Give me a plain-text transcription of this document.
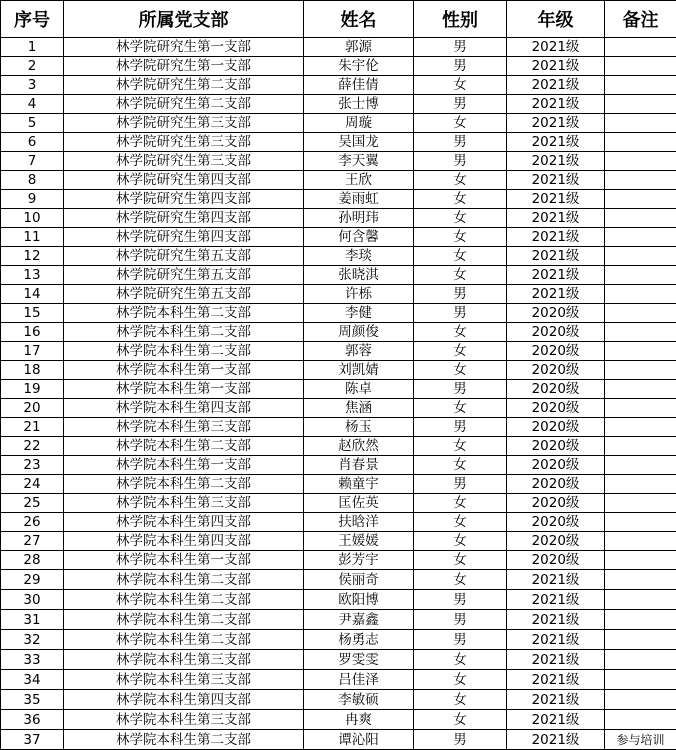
序号	所属党支部	姓名	性别	年级	备注
1	林学院研究生第一支部	郭源	男	2021级	
2	林学院研究生第一支部	朱宇伦	男	2021级	
3	林学院研究生第二支部	薛佳倩	女	2021级	
4	林学院研究生第二支部	张士博	男	2021级	
5	林学院研究生第三支部	周璇	女	2021级	
6	林学院研究生第三支部	吴国龙	男	2021级	
7	林学院研究生第三支部	李天翼	男	2021级	
8	林学院研究生第四支部	王欣	女	2021级	
9	林学院研究生第四支部	姜雨虹	女	2021级	
10	林学院研究生第四支部	孙明玮	女	2021级	
11	林学院研究生第四支部	何含馨	女	2021级	
12	林学院研究生第五支部	李琰	女	2021级	
13	林学院研究生第五支部	张晓淇	女	2021级	
14	林学院研究生第五支部	许栎	男	2021级	
15	林学院本科生第二支部	李健	男	2020级	
16	林学院本科生第二支部	周颜俊	女	2020级	
17	林学院本科生第二支部	郭蓉	女	2020级	
18	林学院本科生第一支部	刘凯婧	女	2020级	
19	林学院本科生第一支部	陈卓	男	2020级	
20	林学院本科生第四支部	焦涵	女	2020级	
21	林学院本科生第三支部	杨玉	男	2020级	
22	林学院本科生第二支部	赵欣然	女	2020级	
23	林学院本科生第一支部	肖春景	女	2020级	
24	林学院本科生第二支部	赖童宇	男	2020级	
25	林学院本科生第三支部	匡佐英	女	2020级	
26	林学院本科生第四支部	扶晗洋	女	2020级	
27	林学院本科生第四支部	王媛媛	女	2020级	
28	林学院本科生第一支部	彭芳宇	女	2020级	
29	林学院本科生第二支部	侯丽奇	女	2021级	
30	林学院本科生第二支部	欧阳博	男	2021级	
31	林学院本科生第二支部	尹嘉鑫	男	2021级	
32	林学院本科生第二支部	杨勇志	男	2021级	
33	林学院本科生第三支部	罗雯雯	女	2021级	
34	林学院本科生第三支部	吕佳泽	女	2021级	
35	林学院本科生第四支部	李敏硕	女	2021级	
36	林学院本科生第三支部	冉爽	女	2021级	
37	林学院本科生第二支部	谭沁阳	男	2021级	参与培训
